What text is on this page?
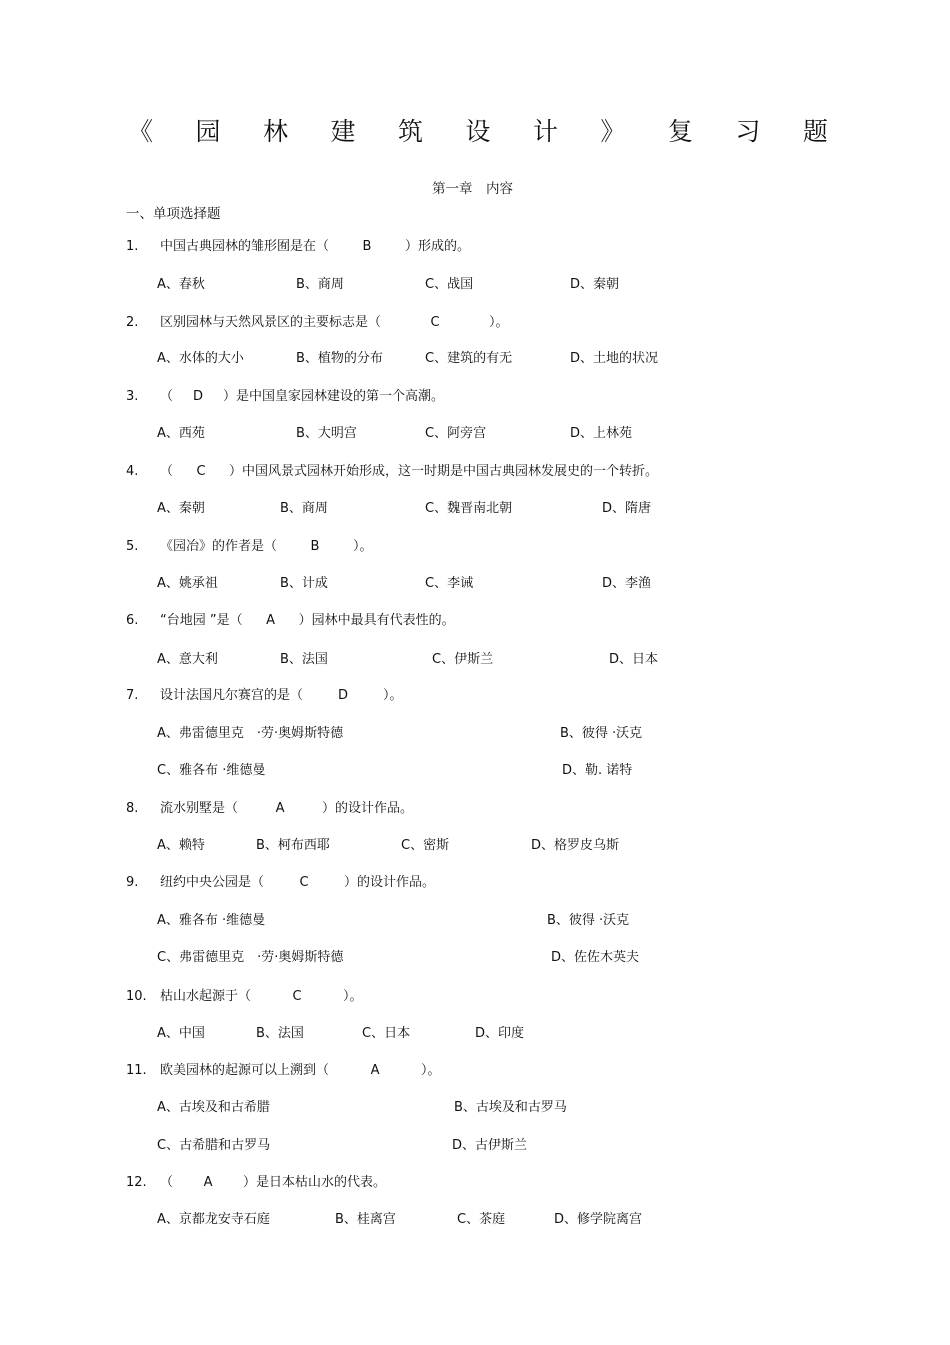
《 园 林 建 筑 设 计 》 复 习 题
第一章　内容
一、单项选择题
1. 中国古典园林的雏形囿是在（	B	）形成的。
A、春秋	B、商周	C、战国	D、秦朝
2. 区别园林与天然风景区的主要标志是（	C	）。
A、水体的大小	B、植物的分布	C、建筑的有无	D、土地的状况
3. （ D ）是中国皇家园林建设的第一个高潮。
A、西苑	B、大明宫	C、阿旁宫	D、上林苑
4. （ C ）中国风景式园林开始形成，这一时期是中国古典园林发展史的一个转折。
A、秦朝	B、商周	C、魏晋南北朝	D、隋唐
5. 《园冶》的作者是（	B	）。
A、姚承祖	B、计成	C、李诫	D、李渔
6. “台地园 ”是（ A ）园林中最具有代表性的。
A、意大利	B、法国	C、伊斯兰	D、日本
7. 设计法国凡尔赛宫的是（	D	）。
A、弗雷德里克　·劳·奥姆斯特德	B、彼得 ·沃克
C、雅各布 ·维德曼	D、勒. 诺特
8. 流水别墅是（	A	）的设计作品。
A、赖特	B、柯布西耶	C、密斯	D、格罗皮乌斯
9. 纽约中央公园是（	C	）的设计作品。
A、雅各布 ·维德曼	B、彼得 ·沃克
C、弗雷德里克　·劳·奥姆斯特德	D、佐佐木英夫
10. 枯山水起源于（	C	）。
A、中国	B、法国	C、日本	D、印度
11. 欧美园林的起源可以上溯到（	A	）。
A、古埃及和古希腊	B、古埃及和古罗马
C、古希腊和古罗马	D、古伊斯兰
12. （ A ）是日本枯山水的代表。
A、京都龙安寺石庭	B、桂离宫	C、茶庭	D、修学院离宫
